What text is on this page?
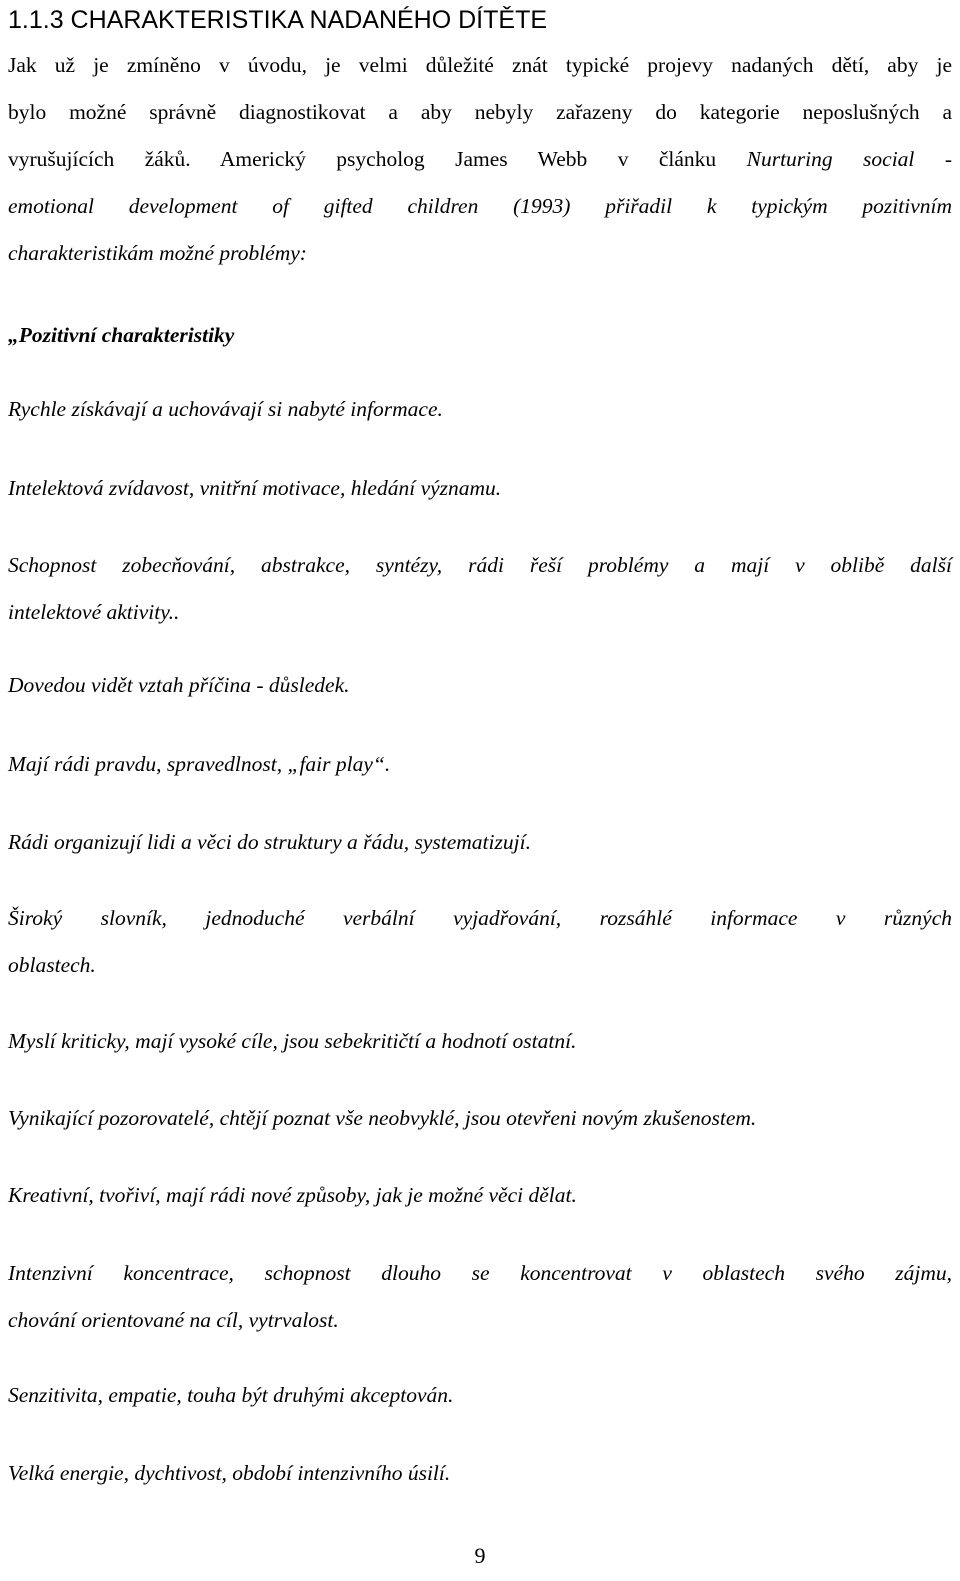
1.1.3 CHARAKTERISTIKA NADANÉHO DÍTĚTE
Jak už je zmíněno v úvodu, je velmi důležité znát typické projevy nadaných dětí, aby je
bylo možné správně diagnostikovat a aby nebyly zařazeny do kategorie neposlušných a
vyrušujících žáků. Americký psycholog James Webb v článku Nurturing social -
emotional development of gifted children (1993) přiřadil k typickým pozitivním
charakteristikám možné problémy:
„Pozitivní charakteristiky
Rychle získávají a uchovávají si nabyté informace.
Intelektová zvídavost, vnitřní motivace, hledání významu.
Schopnost zobecňování, abstrakce, syntézy, rádi řeší problémy a mají v oblibě další
intelektové aktivity..
Dovedou vidět vztah příčina - důsledek.
Mají rádi pravdu, spravedlnost, „fair play“.
Rádi organizují lidi a věci do struktury a řádu, systematizují.
Široký slovník, jednoduché verbální vyjadřování, rozsáhlé informace v různých
oblastech.
Myslí kriticky, mají vysoké cíle, jsou sebekritičtí a hodnotí ostatní.
Vynikající pozorovatelé, chtějí poznat vše neobvyklé, jsou otevřeni novým zkušenostem.
Kreativní, tvořiví, mají rádi nové způsoby, jak je možné věci dělat.
Intenzivní koncentrace, schopnost dlouho se koncentrovat v oblastech svého zájmu,
chování orientované na cíl, vytrvalost.
Senzitivita, empatie, touha být druhými akceptován.
Velká energie, dychtivost, období intenzivního úsilí.
9
